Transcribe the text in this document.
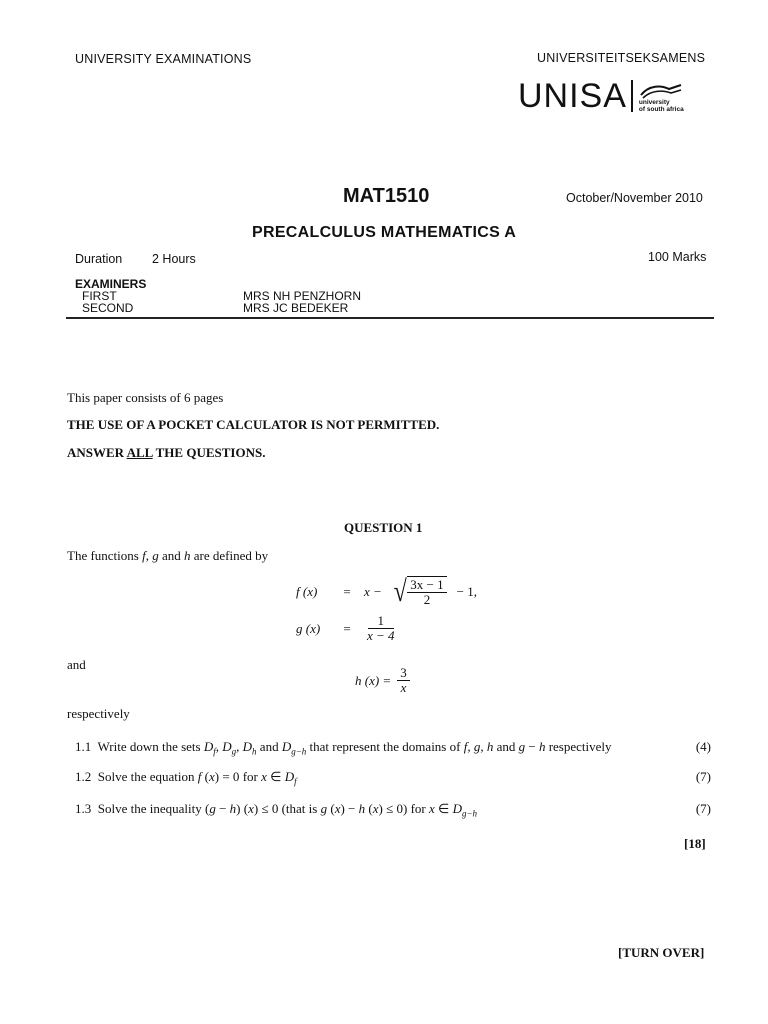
UNIVERSITY EXAMINATIONS	UNIVERSITEITSEKSAMENS
UNISA university
of south africa
MAT1510	October/November 2010
PRECALCULUS MATHEMATICS A
Duration 2 Hours	100 Marks
EXAMINERS
FIRST	MRS NH PENZHORN
SECOND	MRS JC BEDEKER
This paper consists of 6 pages
THE USE OF A POCKET CALCULATOR IS NOT PERMITTED.
ANSWER ALL THE QUESTIONS.
QUESTION 1
The functions f, g and h are defined by
f (x)	= x − √ $\frac{3x - 1}{2} - 1$,
g (x)	= $\frac{1}{x - 4}$
and
h $(x) = \frac{3}{x}$
respectively
1.1 Write down the sets $D_f$, $D_g$, $D_h$ and $D_{g-h}$ that represent the domains of f, g, h and g − h respectively	(4)
1.2 Solve the equation f (x) = 0 for x ∈ $D_f$	(7)
1.3 Solve the inequality (g − h) (x) ≤ 0 (that is g (x) − h (x) ≤ 0) for x ∈ $D_{g-h}$	(7)
[18]
[TURN OVER]
